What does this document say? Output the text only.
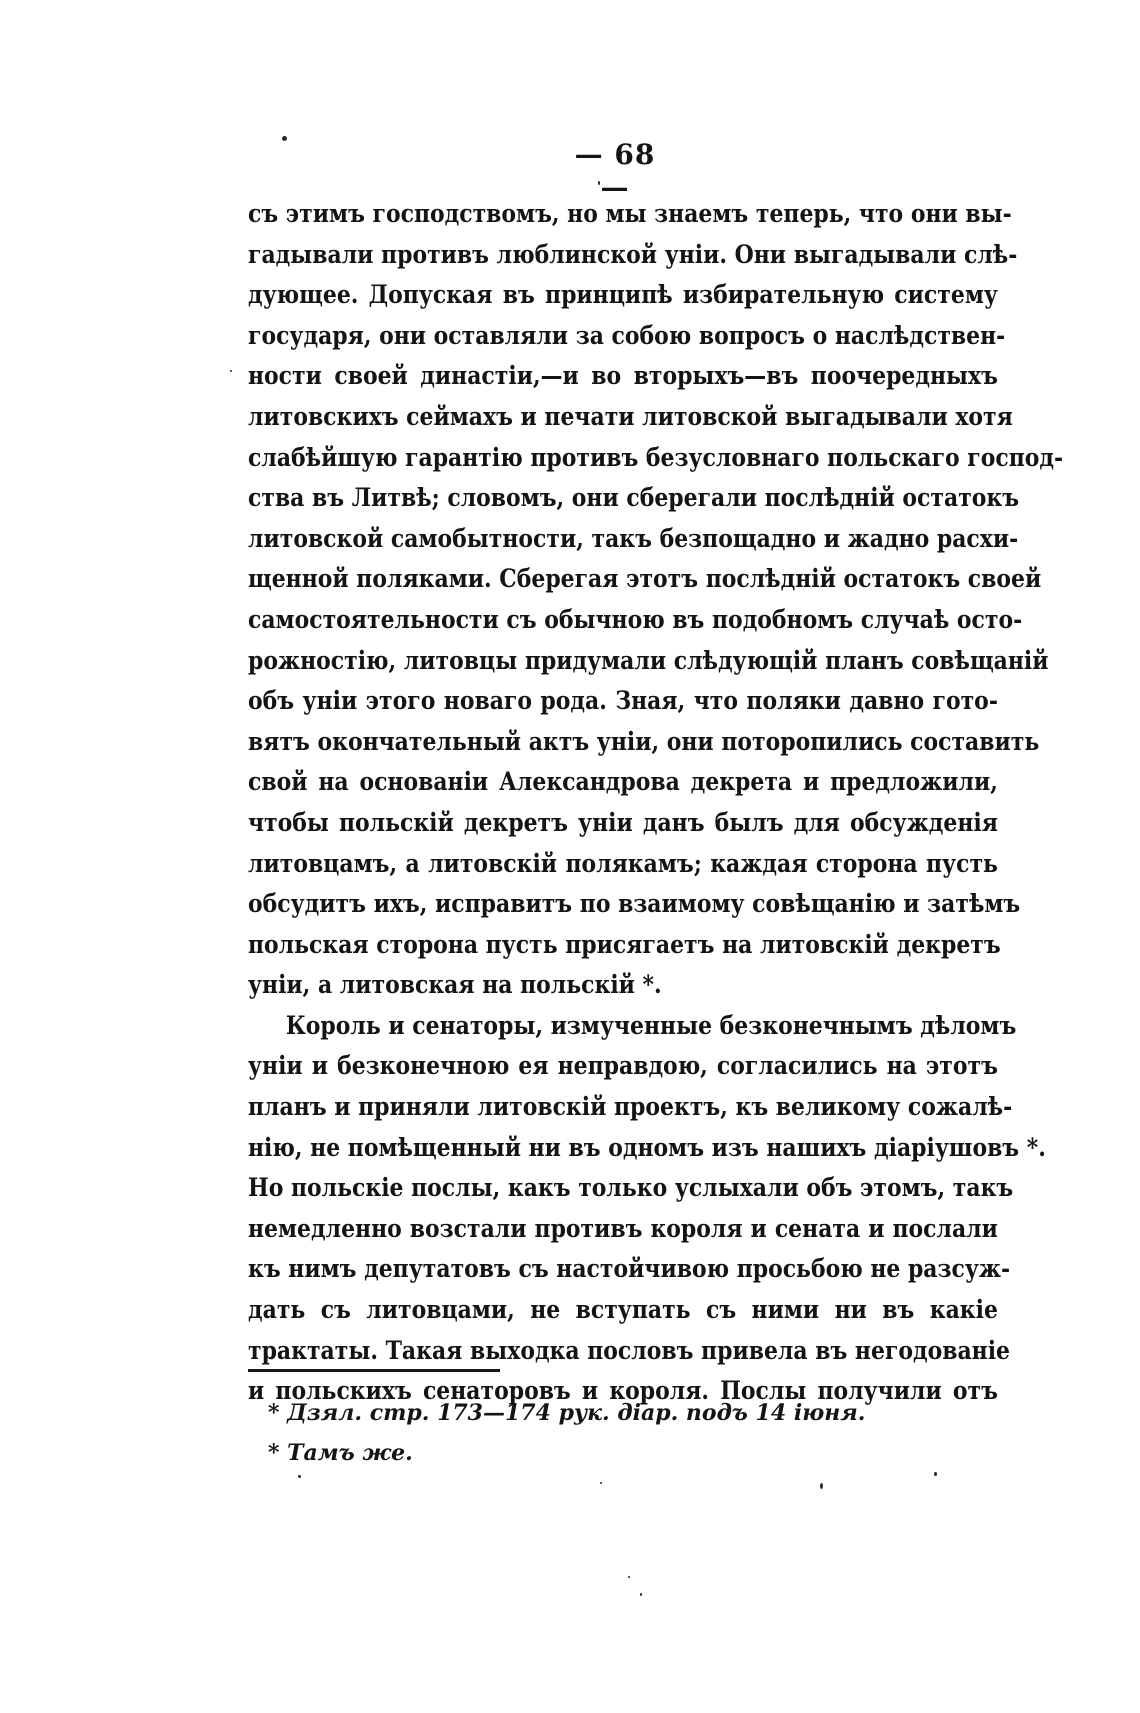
— 68 —
съ этимъ господствомъ, но мы знаемъ теперь, что они вы-
гадывали противъ люблинской уніи. Они выгадывали слѣ-
дующее. Допуская въ принципѣ избирательную систему
государя, они оставляли за собою вопросъ о наслѣдствен-
ности своей династіи,—и во вторыхъ—въ поочередныхъ
литовскихъ сеймахъ и печати литовской выгадывали хотя
слабѣйшую гарантію противъ безусловнаго польскаго господ-
ства въ Литвѣ; словомъ, они сберегали послѣдній остатокъ
литовской самобытности, такъ безпощадно и жадно расхи-
щенной поляками. Сберегая этотъ послѣдній остатокъ своей
самостоятельности съ обычною въ подобномъ случаѣ осто-
рожностію, литовцы придумали слѣдующій планъ совѣщаній
объ уніи этого новаго рода. Зная, что поляки давно гото-
вятъ окончательный актъ уніи, они поторопились составить
свой на основаніи Александрова декрета и предложили,
чтобы польскій декретъ уніи данъ былъ для обсужденія
литовцамъ, а литовскій полякамъ; каждая сторона пусть
обсудитъ ихъ, исправитъ по взаимому совѣщанію и затѣмъ
польская сторона пусть присягаетъ на литовскій декретъ
уніи, а литовская на польскій *.
Король и сенаторы, измученные безконечнымъ дѣломъ
уніи и безконечною ея неправдою, согласились на этотъ
планъ и приняли литовскій проектъ, къ великому сожалѣ-
нію, не помѣщенный ни въ одномъ изъ нашихъ діаріушовъ *.
Но польскіе послы, какъ только услыхали объ этомъ, такъ
немедленно возстали противъ короля и сената и послали
къ нимъ депутатовъ съ настойчивою просьбою не разсуж-
дать съ литовцами, не вступать съ ними ни въ какіе
трактаты. Такая выходка пословъ привела въ негодованіе
и польскихъ сенаторовъ и короля. Послы получили отъ
* Дзял. стр. 173—174 рук. діар. подъ 14 іюня.
* Тамъ же.
